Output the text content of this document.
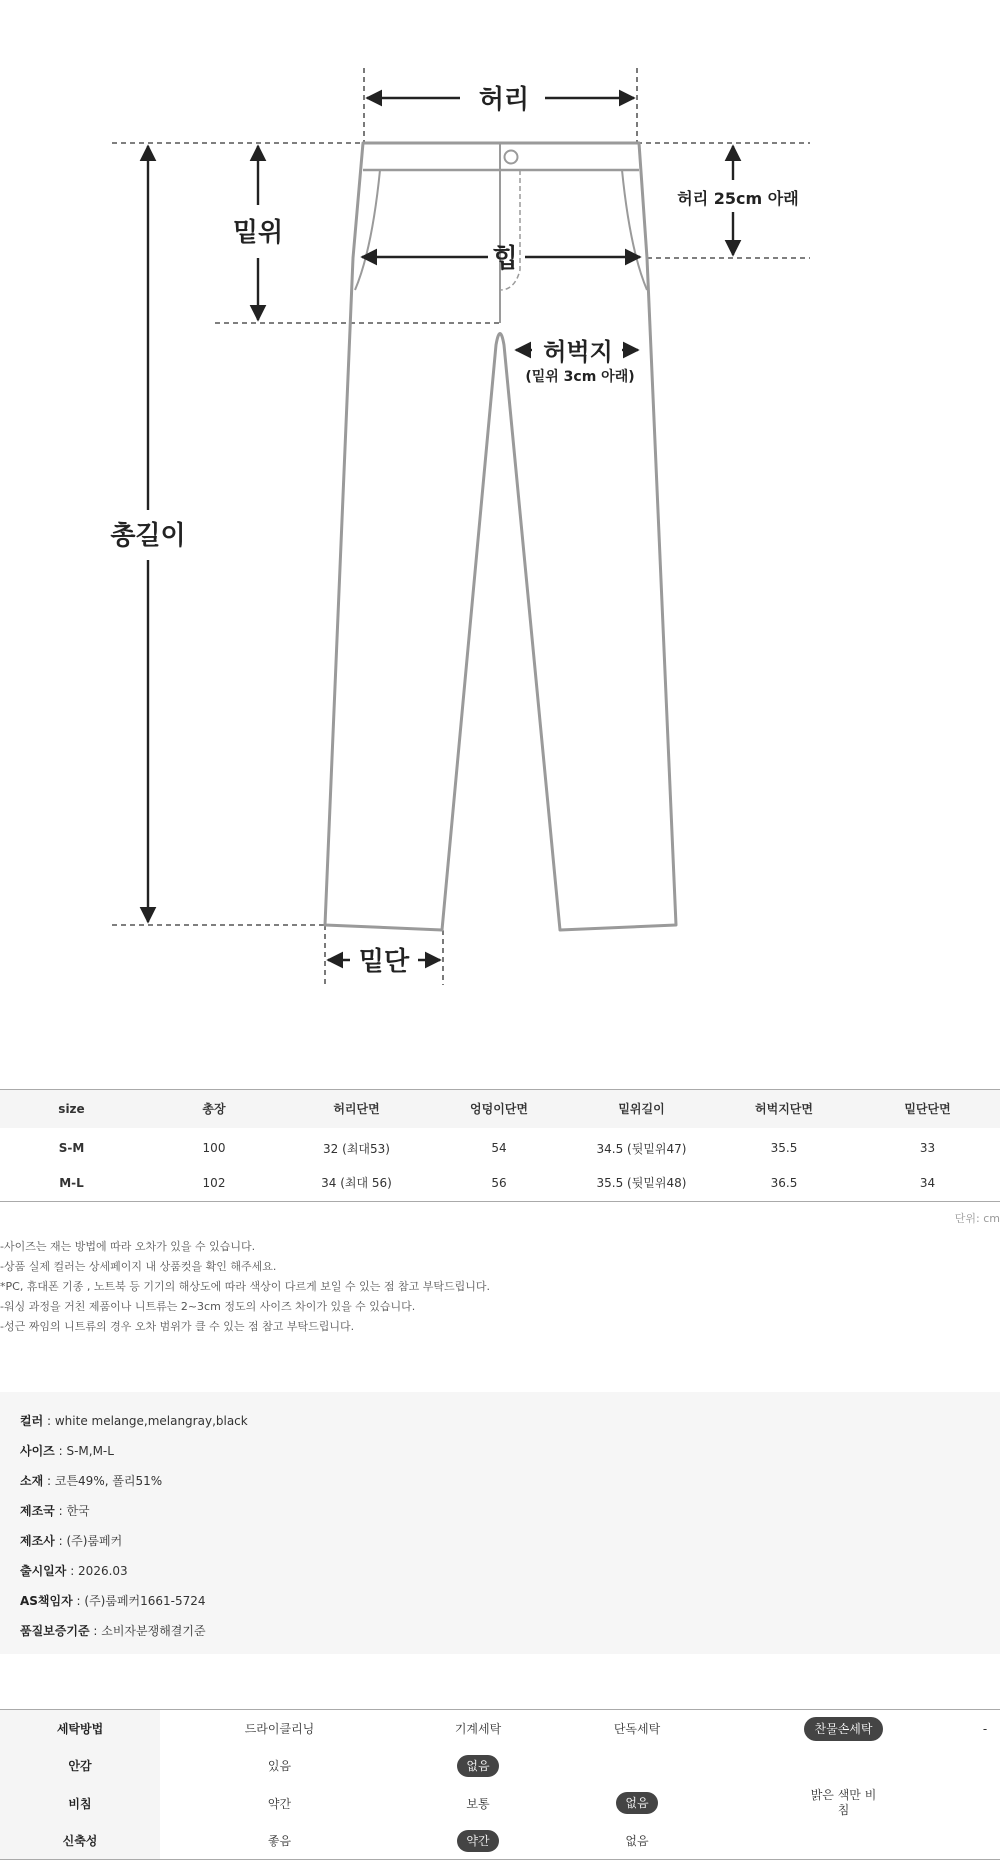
허리
밑위
힙
허리 25cm 아래
허벅지
(밑위 3cm 아래)
총길이
밑단
size	총장	허리단면	엉덩이단면	밑위길이	허벅지단면	밑단단면
S-M	100	32 (최대53)	54	34.5 (뒷밑위47)	35.5	33
M-L	102	34 (최대 56)	56	35.5 (뒷밑위48)	36.5	34
단위: cm
-사이즈는 재는 방법에 따라 오차가 있을 수 있습니다.
-상품 실제 컬러는 상세페이지 내 상품컷을 확인 해주세요.
*PC, 휴대폰 기종 , 노트북 등 기기의 해상도에 따라 색상이 다르게 보일 수 있는 점 참고 부탁드립니다.
-워싱 과정을 거친 제품이나 니트류는 2~3cm 정도의 사이즈 차이가 있을 수 있습니다.
-성근 짜임의 니트류의 경우 오차 범위가 클 수 있는 점 참고 부탁드립니다.
컬러 : white melange,melangray,black
사이즈 : S-M,M-L
소재 : 코튼49%, 폴리51%
제조국 : 한국
제조사 : (주)룸페커
출시일자 : 2026.03
AS책임자 : (주)룸페커1661-5724
품질보증기준 : 소비자분쟁해결기준
세탁방법	드라이클리닝	기계세탁	단독세탁	찬물손세탁	-
안감	있음	없음			
비침	약간	보통	없음	밝은 색만 비침	
신축성	좋음	약간	없음		
